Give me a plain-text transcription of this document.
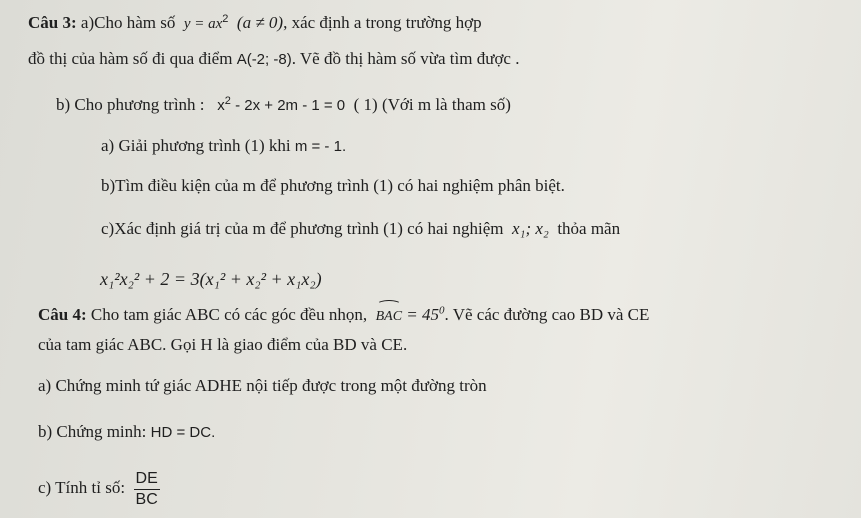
Câu 3: a)Cho hàm số $y = ax^2$ (a ≠ 0), xác định a trong trường hợp
đồ thị của hàm số đi qua điểm A(-2; -8). Vẽ đồ thị hàm số vừa tìm được .
b) Cho phương trình : $x^2 - 2x + 2m - 1 = 0$ ( 1) (Với m là tham số)
a) Giải phương trình (1) khi m = - 1.
b)Tìm điều kiện của m để phương trình (1) có hai nghiệm phân biệt.
c)Xác định giá trị của m để phương trình (1) có hai nghiệm x₁; x₂ thỏa mãn
x₁²x₂² + 2 = 3(x₁² + x₂² + x₁x₂)
Câu 4: Cho tam giác ABC có các góc đều nhọn, BAC = $45^0$. Vẽ các đường cao BD và CE
của tam giác ABC. Gọi H là giao điểm của BD và CE.
a) Chứng minh tứ giác ADHE nội tiếp được trong một đường tròn
b) Chứng minh: HD = DC.
c) Tính tỉ số: $\frac{DE}{BC}$
